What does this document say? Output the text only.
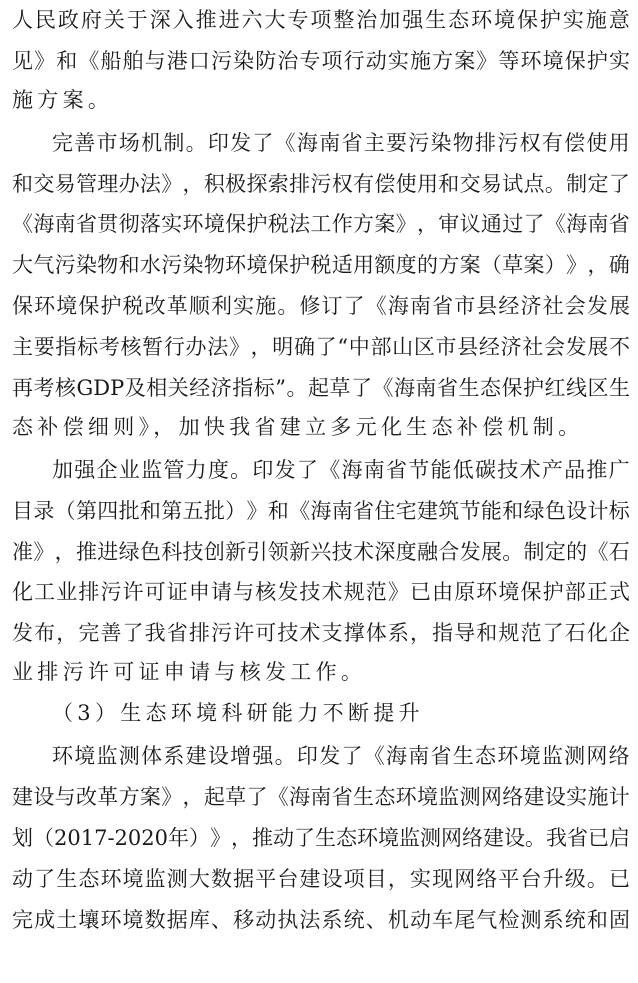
人 民 政 府 关 于 深 入 推 进 六 大 专 项 整 治 加 强 生 态 环 境 保 护 实 施 意
见 》 和 《 船 舶 与 港 口 污 染 防 治 专 项 行 动 实 施 方 案 》 等 环 境 保 护 实
施方案。
完 善 市 场 机 制 。 印 发 了 《 海 南 省 主 要 污 染 物 排 污 权 有 偿 使 用
和 交 易 管 理 办 法 》 ， 积 极 探 索 排 污 权 有 偿 使 用 和 交 易 试 点 。 制 定 了
《 海 南 省 贯 彻 落 实 环 境 保 护 税 法 工 作 方 案 》 ， 审 议 通 过 了 《 海 南 省
大 气 污 染 物 和 水 污 染 物 环 境 保 护 税 适 用 额 度 的 方 案 （ 草 案 ） 》 ， 确
保 环 境 保 护 税 改 革 顺 利 实 施 。 修 订 了 《 海 南 省 市 县 经 济 社 会 发 展
主 要 指 标 考 核 暂 行 办 法 》 ， 明 确 了 “ 中 部 山 区 市 县 经 济 社 会 发 展 不
再 考 核 GDP 及 相 关 经 济 指 标 ” 。 起 草 了 《 海 南 省 生 态 保 护 红 线 区 生
态补偿细则》，加快我省建立多元化生态补偿机制。
加 强 企 业 监 管 力 度 。 印 发 了 《 海 南 省 节 能 低 碳 技 术 产 品 推 广
目 录 （ 第 四 批 和 第 五 批 ） 》 和 《 海 南 省 住 宅 建 筑 节 能 和 绿 色 设 计 标
准 》 ， 推 进 绿 色 科 技 创 新 引 领 新 兴 技 术 深 度 融 合 发 展 。 制 定 的 《 石
化 工 业 排 污 许 可 证 申 请 与 核 发 技 术 规 范 》 已 由 原 环 境 保 护 部 正 式
发 布 ， 完 善 了 我 省 排 污 许 可 技 术 支 撑 体 系 ， 指 导 和 规 范 了 石 化 企
业排污许可证申请与核发工作。
（3）生态环境科研能力不断提升
环 境 监 测 体 系 建 设 增 强 。 印 发 了 《 海 南 省 生 态 环 境 监 测 网 络
建 设 与 改 革 方 案 》 ， 起 草 了 《 海 南 省 生 态 环 境 监 测 网 络 建 设 实 施 计
划 （ 2017-2020 年 ） 》 ， 推 动 了 生 态 环 境 监 测 网 络 建 设 。 我 省 已 启
动 了 生 态 环 境 监 测 大 数 据 平 台 建 设 项 目 ， 实 现 网 络 平 台 升 级 。 已
完 成 土 壤 环 境 数 据 库 、 移 动 执 法 系 统 、 机 动 车 尾 气 检 测 系 统 和 固
